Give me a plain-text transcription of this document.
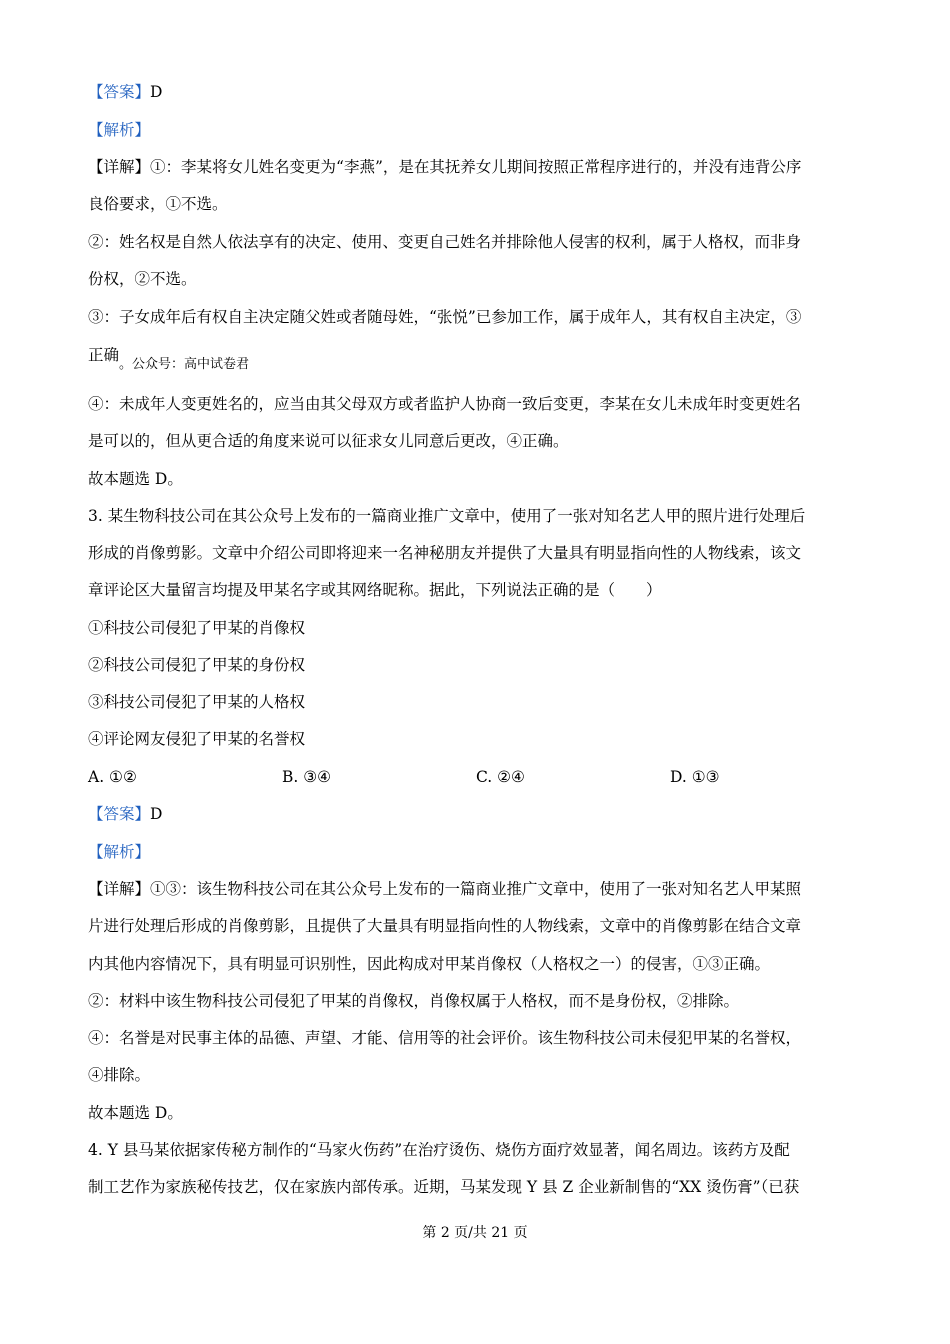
【答案】D
【解析】
【详解】①：李某将女儿姓名变更为“李燕”，是在其抚养女儿期间按照正常程序进行的，并没有违背公序
良俗要求，①不选。
②：姓名权是自然人依法享有的决定、使用、变更自己姓名并排除他人侵害的权利，属于人格权，而非身
份权，②不选。
③：子女成年后有权自主决定随父姓或者随母姓，“张悦”已参加工作，属于成年人，其有权自主决定，③
正确$_{。公众号:高中试卷君}$
④：未成年人变更姓名的，应当由其父母双方或者监护人协商一致后变更，李某在女儿未成年时变更姓名
是可以的，但从更合适的角度来说可以征求女儿同意后更改，④正确。
故本题选 D。
3. 某生物科技公司在其公众号上发布的一篇商业推广文章中，使用了一张对知名艺人甲的照片进行处理后
形成的肖像剪影。文章中介绍公司即将迎来一名神秘朋友并提供了大量具有明显指向性的人物线索，该文
章评论区大量留言均提及甲某名字或其网络昵称。据此，下列说法正确的是（　　）
①科技公司侵犯了甲某的肖像权
②科技公司侵犯了甲某的身份权
③科技公司侵犯了甲某的人格权
④评论网友侵犯了甲某的名誉权
A. ①②	B. ③④	C. ②④	D. ①③
【答案】D
【解析】
【详解】①③：该生物科技公司在其公众号上发布的一篇商业推广文章中，使用了一张对知名艺人甲某照
片进行处理后形成的肖像剪影，且提供了大量具有明显指向性的人物线索，文章中的肖像剪影在结合文章
内其他内容情况下，具有明显可识别性，因此构成对甲某肖像权（人格权之一）的侵害，①③正确。
②：材料中该生物科技公司侵犯了甲某的肖像权，肖像权属于人格权，而不是身份权，②排除。
④：名誉是对民事主体的品德、声望、才能、信用等的社会评价。该生物科技公司未侵犯甲某的名誉权，
④排除。
故本题选 D。
4. Y 县马某依据家传秘方制作的“马家火伤药”在治疗烫伤、烧伤方面疗效显著，闻名周边。该药方及配
制工艺作为家族秘传技艺，仅在家族内部传承。近期，马某发现 Y 县 Z 企业新制售的“XX 烫伤膏”（已获
第 2 页/共 21 页
